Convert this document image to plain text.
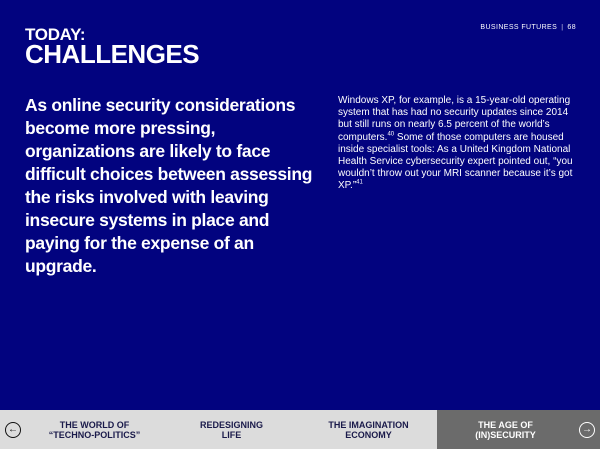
BUSINESS FUTURES | 68
TODAY:
CHALLENGES

As online security considerations become more pressing, organizations are likely to face difficult choices between assessing the risks involved with leaving insecure systems in place and paying for the expense of an upgrade.

Windows XP, for example, is a 15-year-old operating system that has had no security updates since 2014 but still runs on nearly 6.5 percent of the world’s computers.$^{40}$ Some of those computers are housed inside specialist tools: As a United Kingdom National Health Service cybersecurity expert pointed out, “you wouldn’t throw out your MRI scanner because it’s got XP.”$^{41}$

←	THE WORLD OF
“TECHNO-POLITICS”
REDESIGNING
LIFE
THE IMAGINATION
ECONOMY
THE AGE OF
(IN)SECURITY	→
